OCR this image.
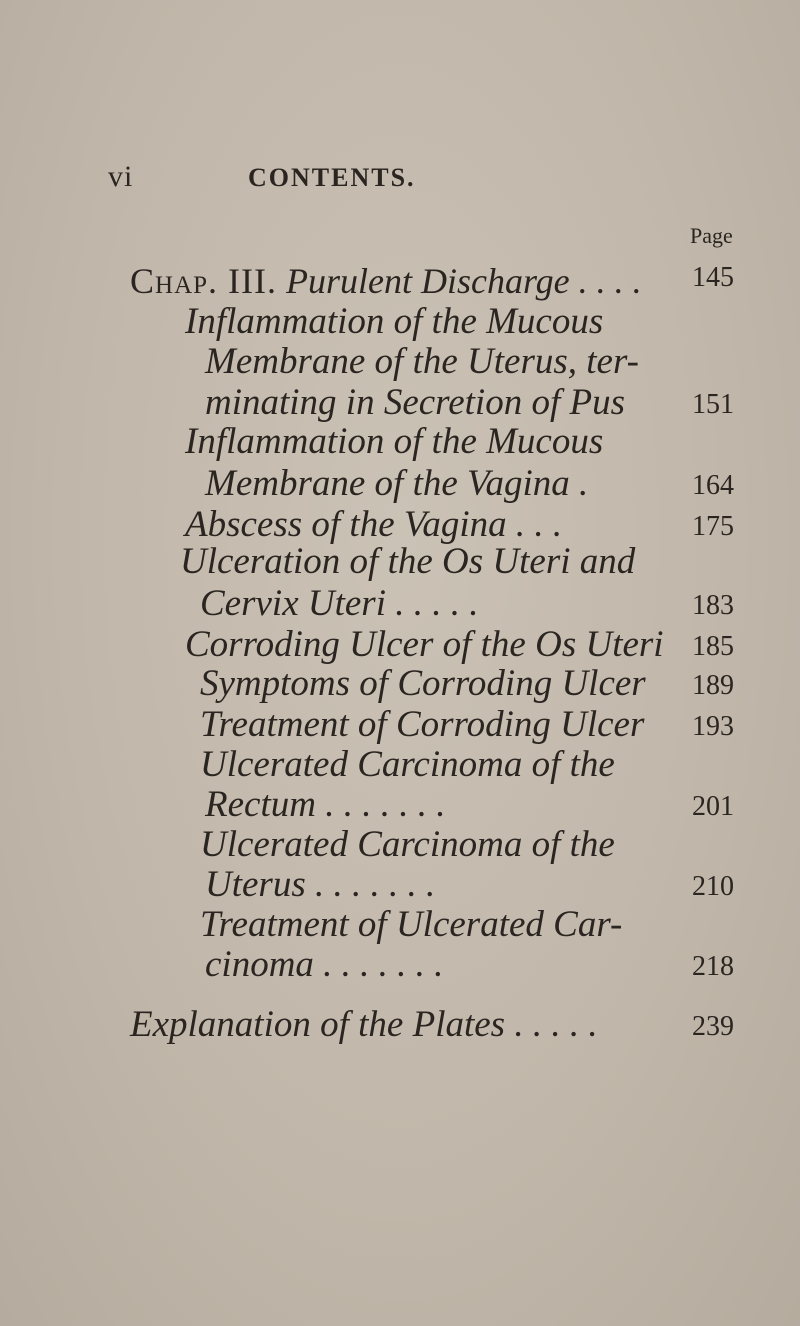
vi	CONTENTS.
Page
Chap. III. Purulent Discharge . . . . 145
Inflammation of the Mucous
Membrane of the Uterus, ter-
minating in Secretion of Pus 151
Inflammation of the Mucous
Membrane of the Vagina .	164
Abscess of the Vagina . . .	175
Ulceration of the Os Uteri and
Cervix Uteri . . . . .	183
Corroding Ulcer of the Os Uteri 185
Symptoms of Corroding Ulcer 189
Treatment of Corroding Ulcer 193
Ulcerated Carcinoma of the
Rectum . . . . . . .	201
Ulcerated Carcinoma of the
Uterus . . . . . . .	210
Treatment of Ulcerated Car-
cinoma . . . . . . .	218
Explanation of the Plates . . . . .	239
